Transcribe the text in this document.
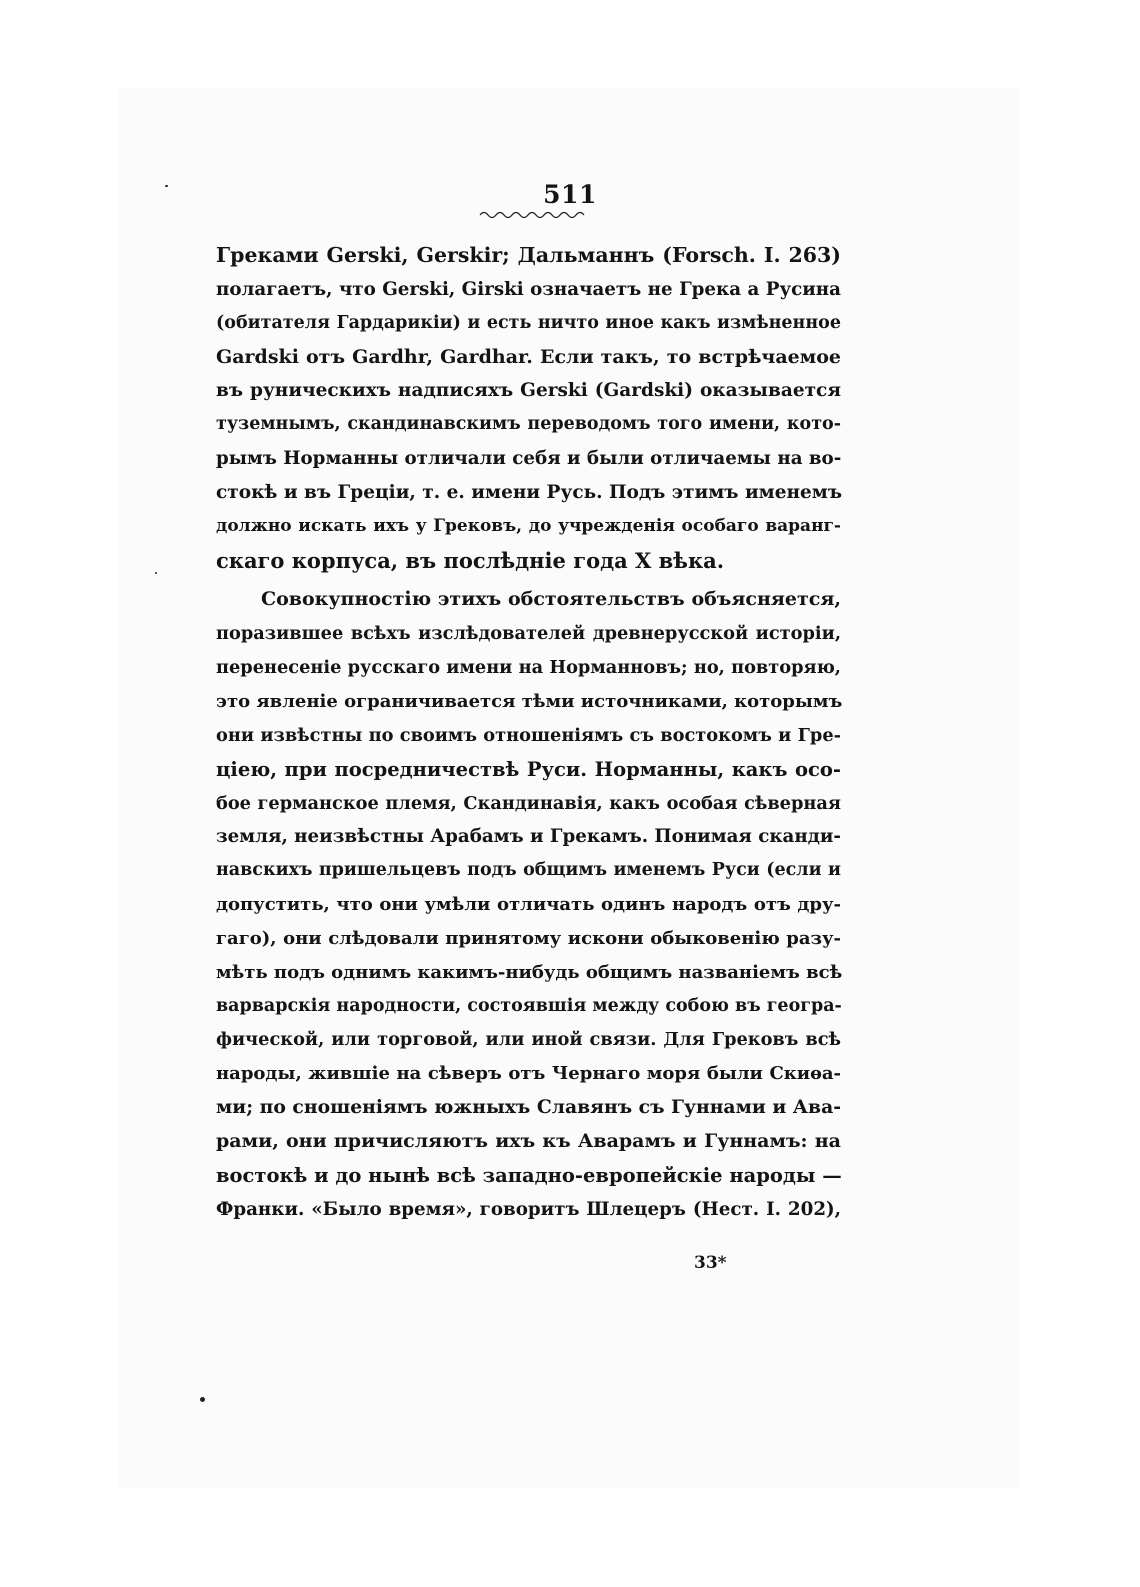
511
Греками Gerski, Gerskir; Дальманнъ (Forsch. I. 263)
полагаетъ, что Gerski, Girski означаетъ не Грека а Русина
(обитателя Гардарикіи) и есть ничто иное какъ измѣненное
Gardski отъ Gardhr, Gardhar. Если такъ, то встрѣчаемое
въ руническихъ надписяхъ Gerski (Gardski) оказывается
туземнымъ, скандинавскимъ переводомъ того имени, кото-
рымъ Норманны отличали себя и были отличаемы на во-
стокѣ и въ Греціи, т. е. имени Русь. Подъ этимъ именемъ
должно искать ихъ у Грековъ, до учрежденія особаго варанг-
скаго корпуса, въ послѣдніе года X вѣка.
Совокупностію этихъ обстоятельствъ объясняется,
поразившее всѣхъ изслѣдователей древнерусской исторіи,
перенесеніе русскаго имени на Норманновъ; но, повторяю,
это явленіе ограничивается тѣми источниками, которымъ
они извѣстны по своимъ отношеніямъ съ востокомъ и Гре-
ціею, при посредничествѣ Руси. Норманны, какъ осо-
бое германское племя, Скандинавія, какъ особая сѣверная
земля, неизвѣстны Арабамъ и Грекамъ. Понимая сканди-
навскихъ пришельцевъ подъ общимъ именемъ Руси (если и
допустить, что они умѣли отличать одинъ народъ отъ дру-
гаго), они слѣдовали принятому искони обыковенію разу-
мѣть подъ однимъ какимъ-нибудь общимъ названіемъ всѣ
варварскія народности, состоявшія между собою въ геогра-
фической, или торговой, или иной связи. Для Грековъ всѣ
народы, жившіе на сѣверъ отъ Чернаго моря были Скиѳа-
ми; по сношеніямъ южныхъ Славянъ съ Гуннами и Ава-
рами, они причисляютъ ихъ къ Аварамъ и Гуннамъ: на
востокѣ и до нынѣ всѣ западно-европейскіе народы —
Франки. «Было время», говоритъ Шлецеръ (Нест. I. 202),
33*
